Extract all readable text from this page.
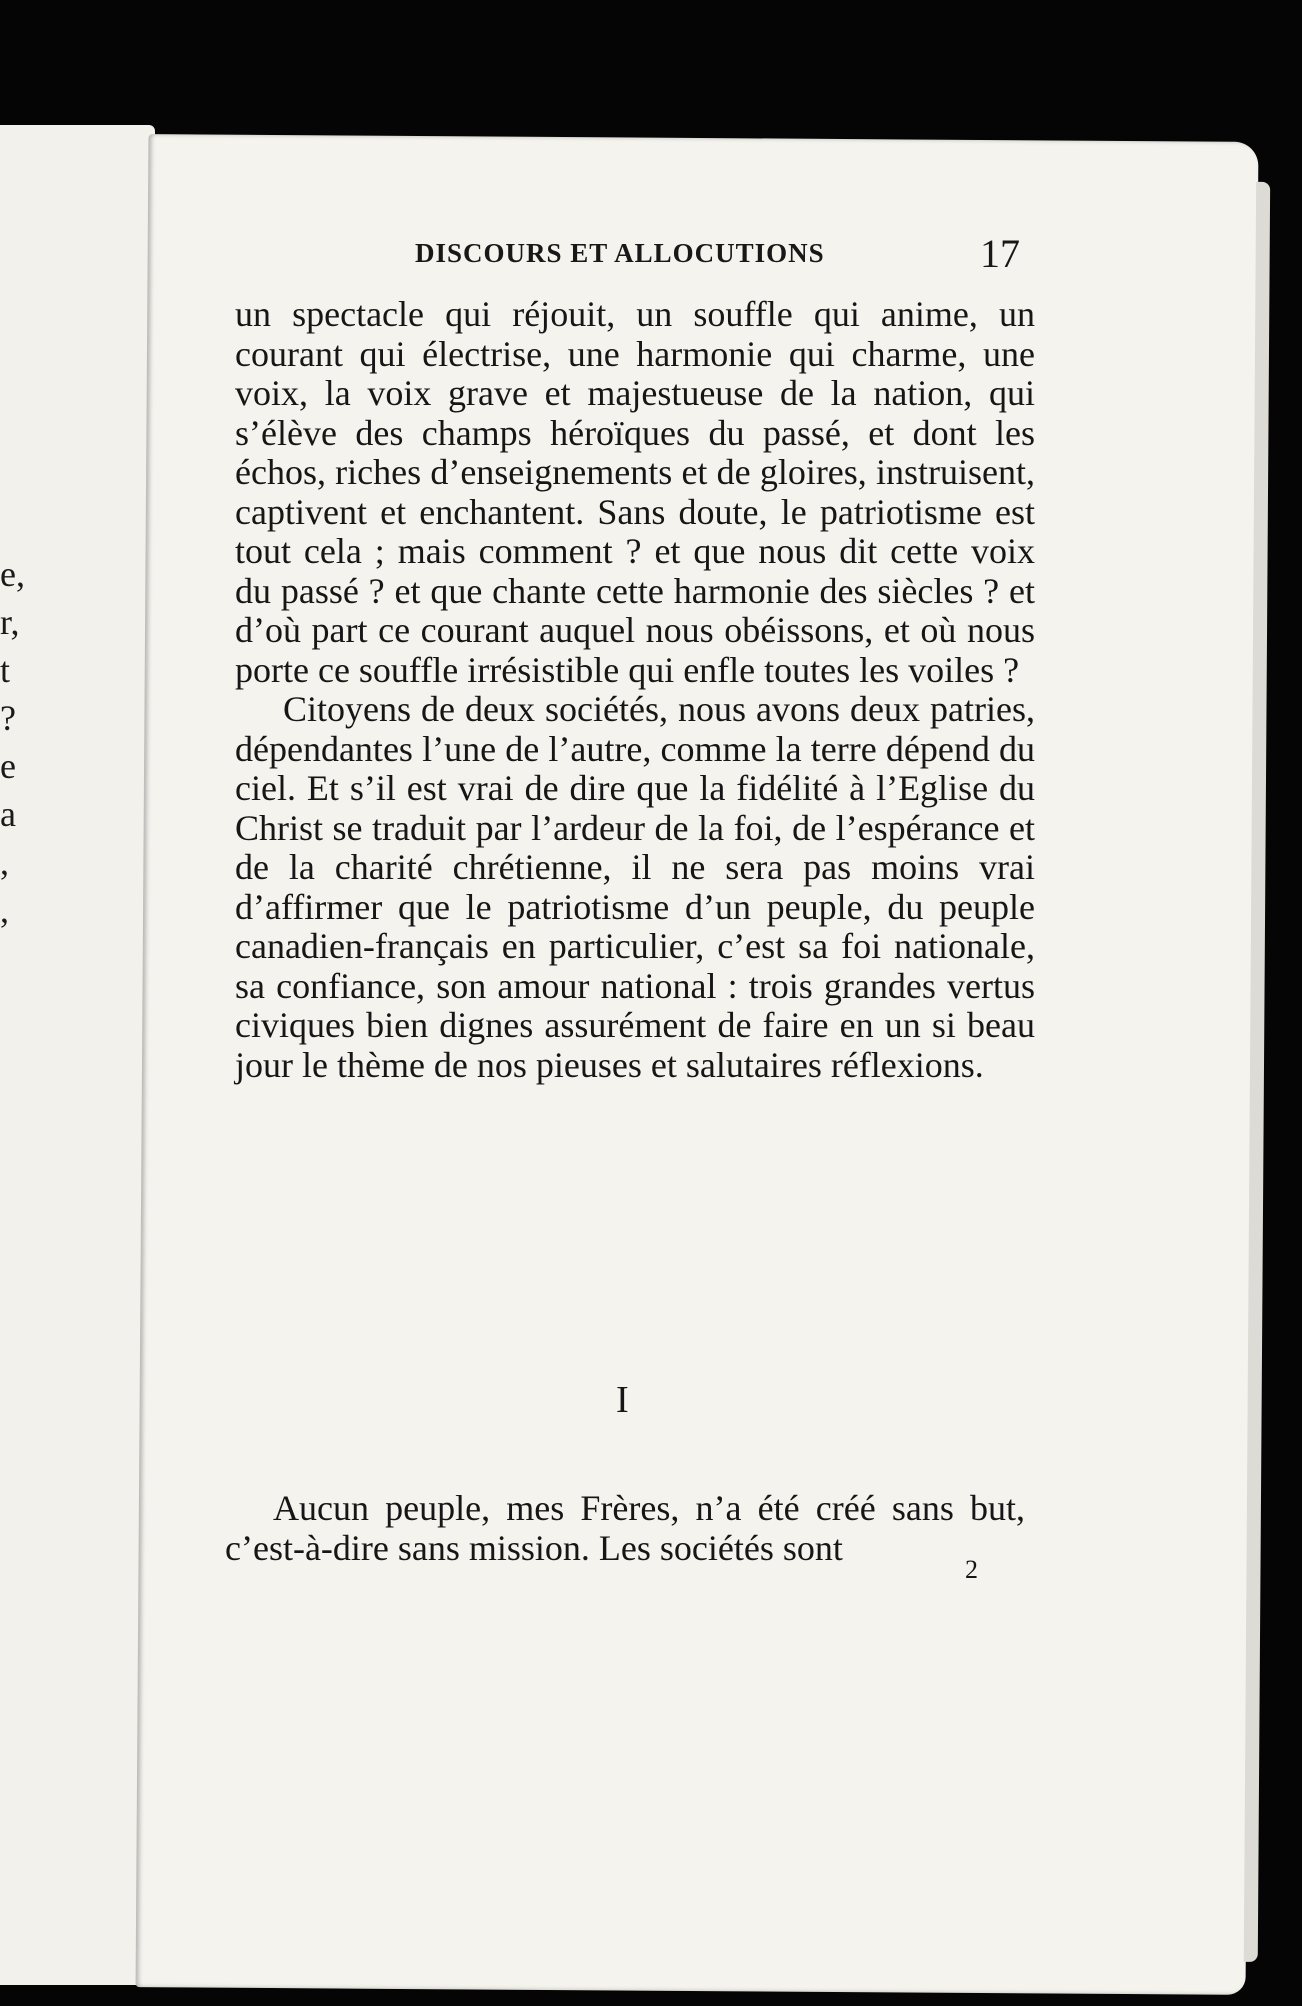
e,
r,
t
?
e
a
,
,
DISCOURS ET ALLOCUTIONS	17

un spectacle qui réjouit, un souffle qui anime, un courant qui électrise, une harmonie qui charme, une voix, la voix grave et majestueuse de la nation, qui s’élève des champs héroïques du passé, et dont les échos, riches d’enseignements et de gloires, instruisent, captivent et enchantent. Sans doute, le patriotisme est tout cela ; mais comment ? et que nous dit cette voix du passé ? et que chante cette harmonie des siècles ? et d’où part ce courant auquel nous obéissons, et où nous porte ce souffle irrésistible qui enfle toutes les voiles ?

Citoyens de deux sociétés, nous avons deux patries, dépendantes l’une de l’autre, comme la terre dépend du ciel. Et s’il est vrai de dire que la fidélité à l’Eglise du Christ se traduit par l’ardeur de la foi, de l’espérance et de la charité chrétienne, il ne sera pas moins vrai d’affirmer que le patriotisme d’un peuple, du peuple canadien-français en particulier, c’est sa foi nationale, sa confiance, son amour national : trois grandes vertus civiques bien dignes assurément de faire en un si beau jour le thème de nos pieuses et salutaires réflexions.

I

Aucun peuple, mes Frères, n’a été créé sans but, c’est-à-dire sans mission. Les sociétés sont

2
